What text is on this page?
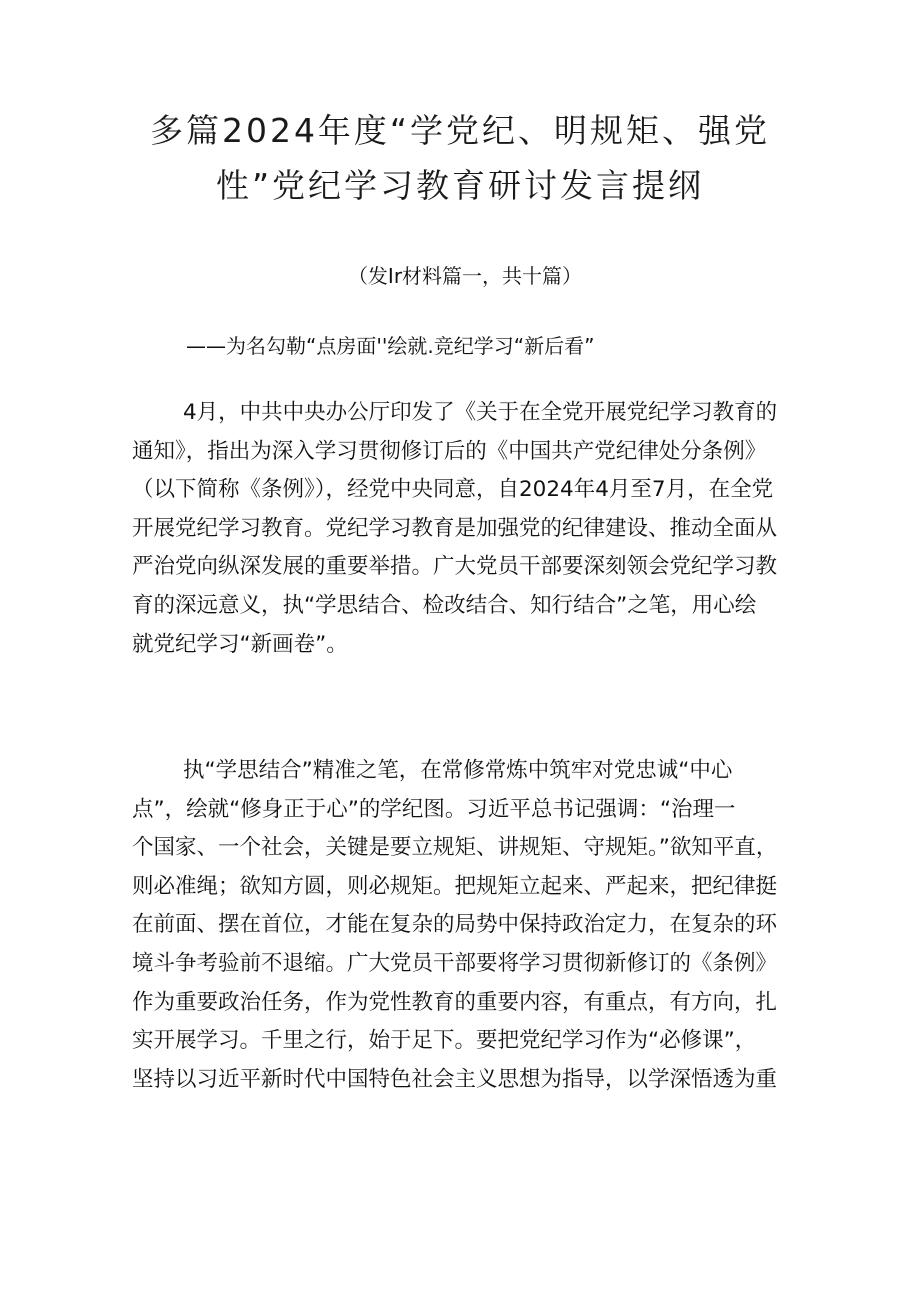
多篇2024年度“学党纪、明规矩、强党
性”党纪学习教育研讨发言提纲

（发Ir材料篇一，共十篇）

——为名勾勒“点房面''绘就.竞纪学习“新后看”

4月，中共中央办公厅印发了《关于在全党开展党纪学习教育的
通知》，指出为深入学习贯彻修订后的《中国共产党纪律处分条例》
（以下简称《条例》），经党中央同意，自2024年4月至7月，在全党
开展党纪学习教育。党纪学习教育是加强党的纪律建设、推动全面从
严治党向纵深发展的重要举措。广大党员干部要深刻领会党纪学习教
育的深远意义，执“学思结合、检改结合、知行结合”之笔，用心绘
就党纪学习“新画卷”。

执“学思结合”精准之笔，在常修常炼中筑牢对党忠诚“中心
点”，绘就“修身正于心”的学纪图。习近平总书记强调：“治理一
个国家、一个社会，关键是要立规矩、讲规矩、守规矩。”欲知平直，
则必准绳；欲知方圆，则必规矩。把规矩立起来、严起来，把纪律挺
在前面、摆在首位，才能在复杂的局势中保持政治定力，在复杂的环
境斗争考验前不退缩。广大党员干部要将学习贯彻新修订的《条例》
作为重要政治任务，作为党性教育的重要内容，有重点，有方向，扎
实开展学习。千里之行，始于足下。要把党纪学习作为“必修课”，
坚持以习近平新时代中国特色社会主义思想为指导，以学深悟透为重
